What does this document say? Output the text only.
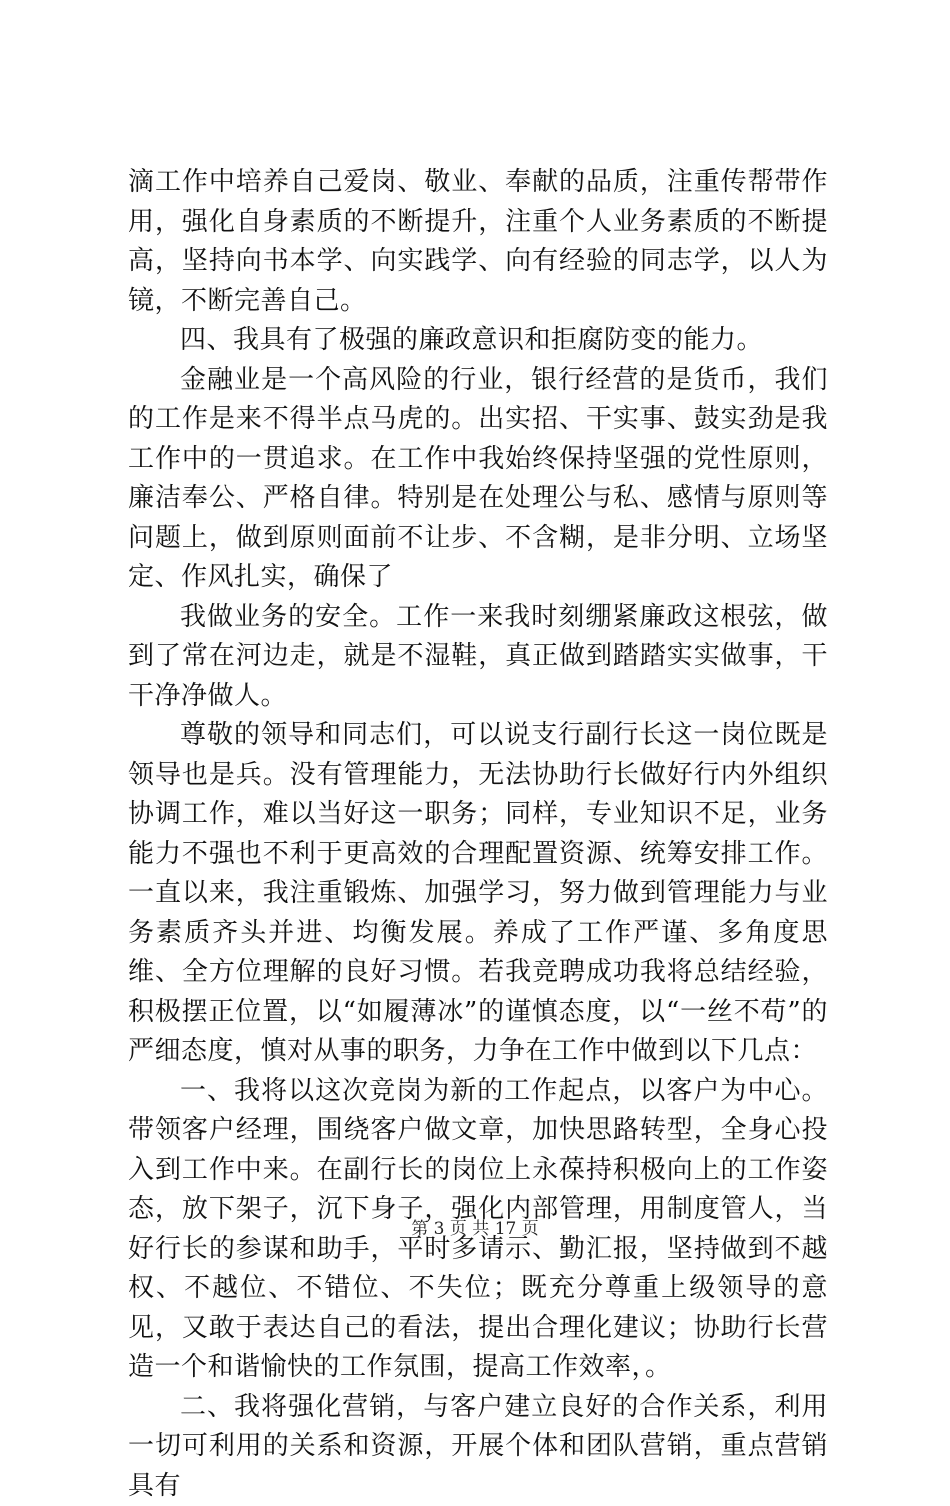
滴工作中培养自己爱岗、敬业、奉献的品质，注重传帮带作用，强化自身素质的不断提升，注重个人业务素质的不断提高，坚持向书本学、向实践学、向有经验的同志学，以人为镜，不断完善自己。

四、我具有了极强的廉政意识和拒腐防变的能力。

金融业是一个高风险的行业，银行经营的是货币，我们的工作是来不得半点马虎的。出实招、干实事、鼓实劲是我工作中的一贯追求。在工作中我始终保持坚强的党性原则，廉洁奉公、严格自律。特别是在处理公与私、感情与原则等问题上，做到原则面前不让步、不含糊，是非分明、立场坚定、作风扎实，确保了

我做业务的安全。工作一来我时刻绷紧廉政这根弦，做到了常在河边走，就是不湿鞋，真正做到踏踏实实做事，干干净净做人。

尊敬的领导和同志们，可以说支行副行长这一岗位既是领导也是兵。没有管理能力，无法协助行长做好行内外组织协调工作，难以当好这一职务；同样，专业知识不足，业务能力不强也不利于更高效的合理配置资源、统筹安排工作。一直以来，我注重锻炼、加强学习，努力做到管理能力与业务素质齐头并进、均衡发展。养成了工作严谨、多角度思维、全方位理解的良好习惯。若我竞聘成功我将总结经验，积极摆正位置，以“如履薄冰”的谨慎态度，以“一丝不苟”的严细态度，慎对从事的职务，力争在工作中做到以下几点：

一、我将以这次竞岗为新的工作起点，以客户为中心。带领客户经理，围绕客户做文章，加快思路转型，全身心投入到工作中来。在副行长的岗位上永葆持积极向上的工作姿态，放下架子，沉下身子，强化内部管理，用制度管人，当好行长的参谋和助手，平时多请示、勤汇报，坚持做到不越权、不越位、不错位、不失位；既充分尊重上级领导的意见，又敢于表达自己的看法，提出合理化建议；协助行长营造一个和谐愉快的工作氛围，提高工作效率，。

二、我将强化营销，与客户建立良好的合作关系，利用一切可利用的关系和资源，开展个体和团队营销，重点营销具有

第 3 页 共 17 页
